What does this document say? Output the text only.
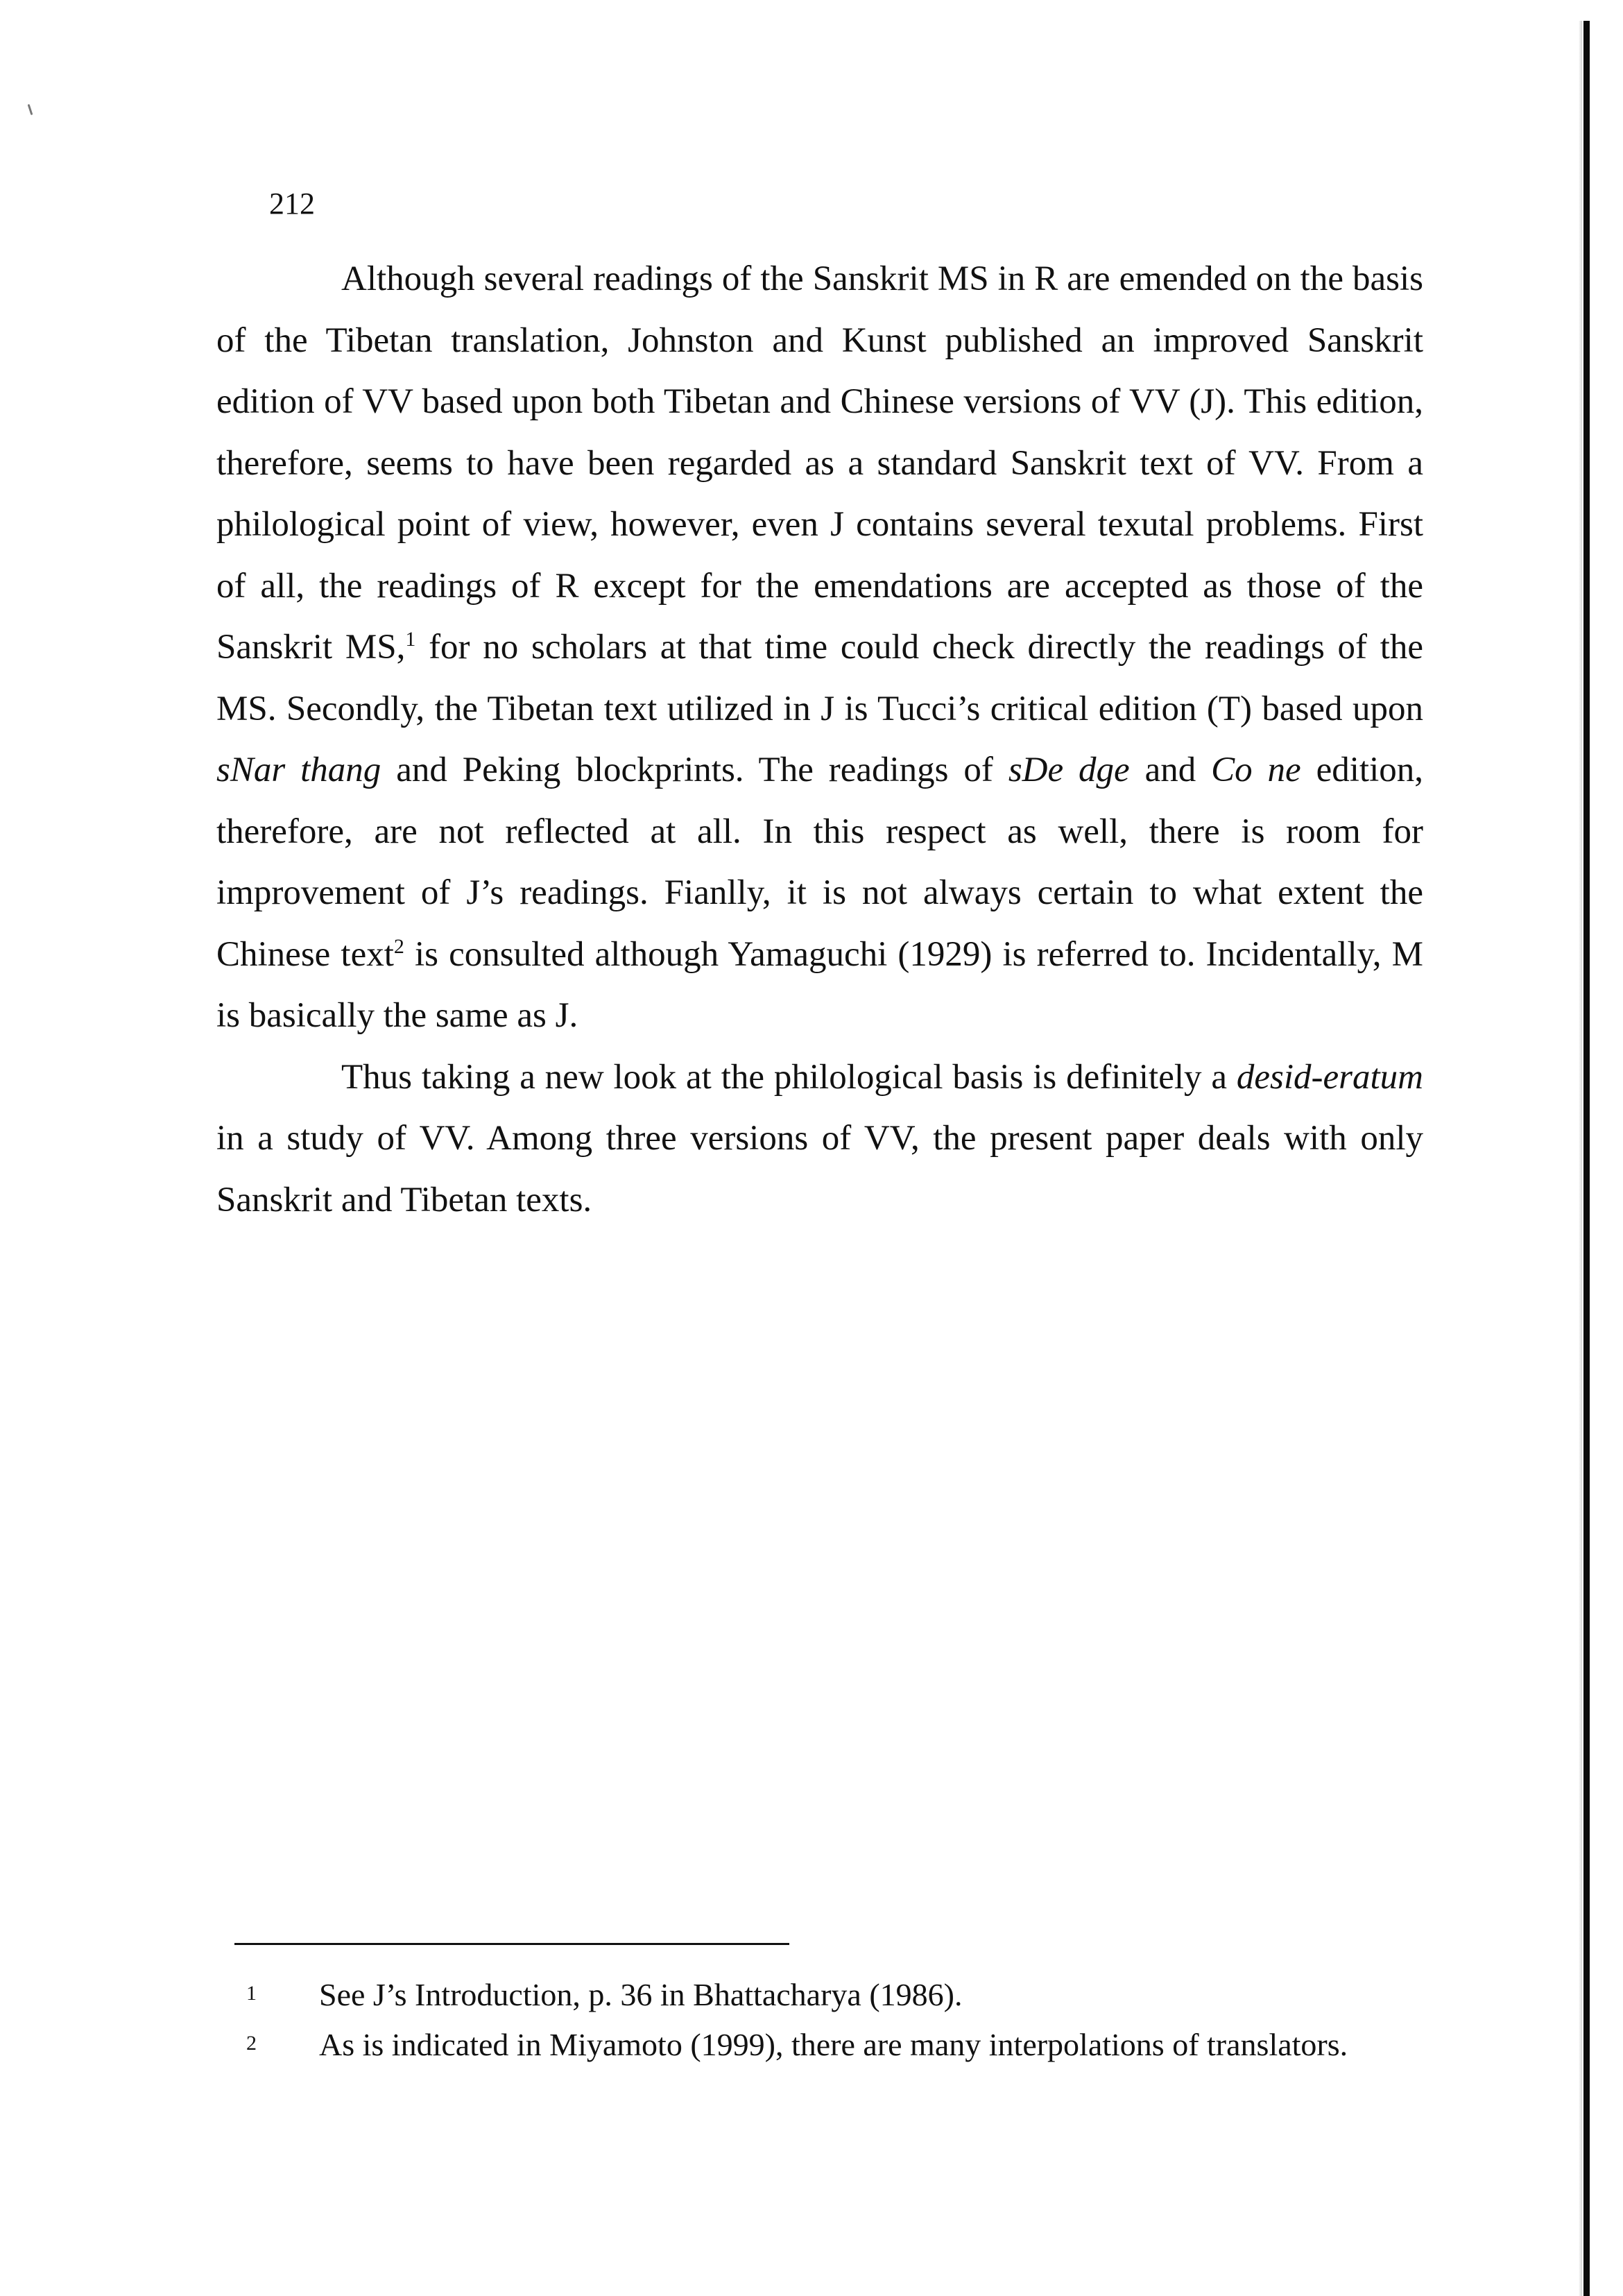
212

Although several readings of the Sanskrit MS in R are emended on the basis of the Tibetan translation, Johnston and Kunst published an improved Sanskrit edition of VV based upon both Tibetan and Chinese versions of VV (J). This edition, therefore, seems to have been regarded as a standard Sanskrit text of VV. From a philological point of view, however, even J contains several texutal problems. First of all, the readings of R except for the emendations are accepted as those of the Sanskrit MS,$^1$ for no scholars at that time could check directly the readings of the MS. Secondly, the Tibetan text utilized in J is Tucci’s critical edition (T) based upon sNar thang and Peking blockprints. The readings of sDe dge and Co ne edition, therefore, are not reflected at all. In this respect as well, there is room for improvement of J’s readings. Fianlly, it is not always certain to what extent the Chinese text$^2$ is consulted although Yamaguchi (1929) is referred to. Incidentally, M is basically the same as J.

Thus taking a new look at the philological basis is definitely a desid-eratum in a study of VV. Among three versions of VV, the present paper deals with only Sanskrit and Tibetan texts.

1	See J’s Introduction, p. 36 in Bhattacharya (1986).
2	As is indicated in Miyamoto (1999), there are many interpolations of translators.
